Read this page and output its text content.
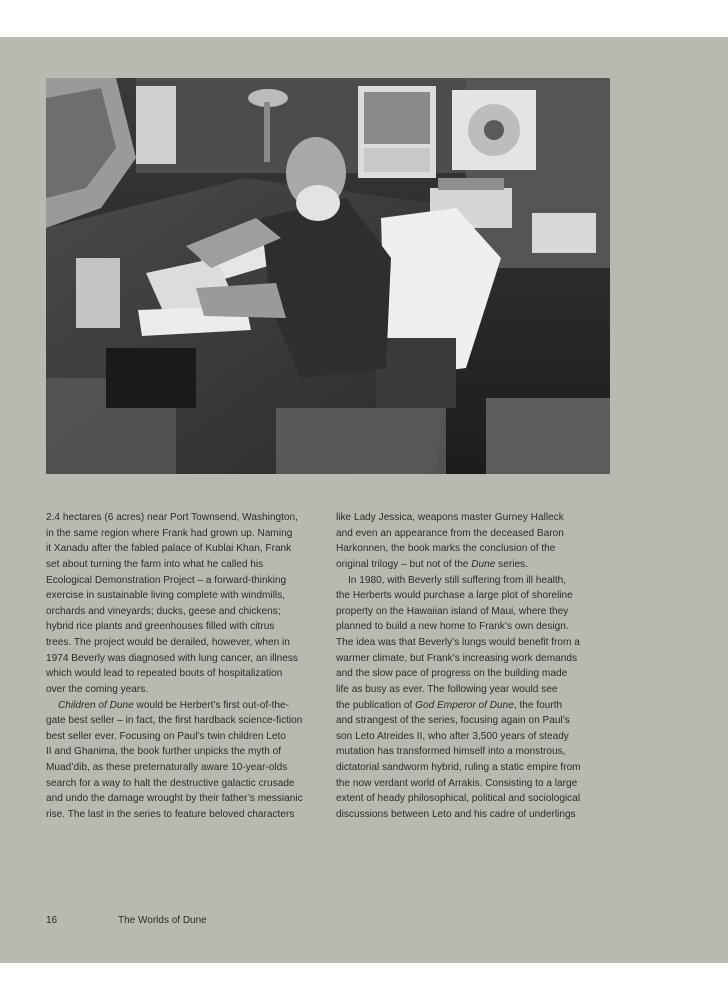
2.4 hectares (6 acres) near Port Townsend, Washington,
in the same region where Frank had grown up. Naming
it Xanadu after the fabled palace of Kublai Khan, Frank
set about turning the farm into what he called his
Ecological Demonstration Project – a forward-thinking
exercise in sustainable living complete with windmills,
orchards and vineyards; ducks, geese and chickens;
hybrid rice plants and greenhouses filled with citrus
trees. The project would be derailed, however, when in
1974 Beverly was diagnosed with lung cancer, an illness
which would lead to repeated bouts of hospitalization
over the coming years.

Children of Dune would be Herbert’s first out-of-the-
gate best seller – in fact, the first hardback science-fiction
best seller ever. Focusing on Paul’s twin children Leto
II and Ghanima, the book further unpicks the myth of
Muad’dib, as these preternaturally aware 10-year-olds
search for a way to halt the destructive galactic crusade
and undo the damage wrought by their father’s messianic
rise. The last in the series to feature beloved characters

like Lady Jessica, weapons master Gurney Halleck
and even an appearance from the deceased Baron
Harkonnen, the book marks the conclusion of the
original trilogy – but not of the Dune series.

In 1980, with Beverly still suffering from ill health,
the Herberts would purchase a large plot of shoreline
property on the Hawaiian island of Maui, where they
planned to build a new home to Frank’s own design.
The idea was that Beverly’s lungs would benefit from a
warmer climate, but Frank’s increasing work demands
and the slow pace of progress on the building made
life as busy as ever. The following year would see
the publication of God Emperor of Dune, the fourth
and strangest of the series, focusing again on Paul’s
son Leto Atreides II, who after 3,500 years of steady
mutation has transformed himself into a monstrous,
dictatorial sandworm hybrid, ruling a static empire from
the now verdant world of Arrakis. Consisting to a large
extent of heady philosophical, political and sociological
discussions between Leto and his cadre of underlings

16	The Worlds of Dune
